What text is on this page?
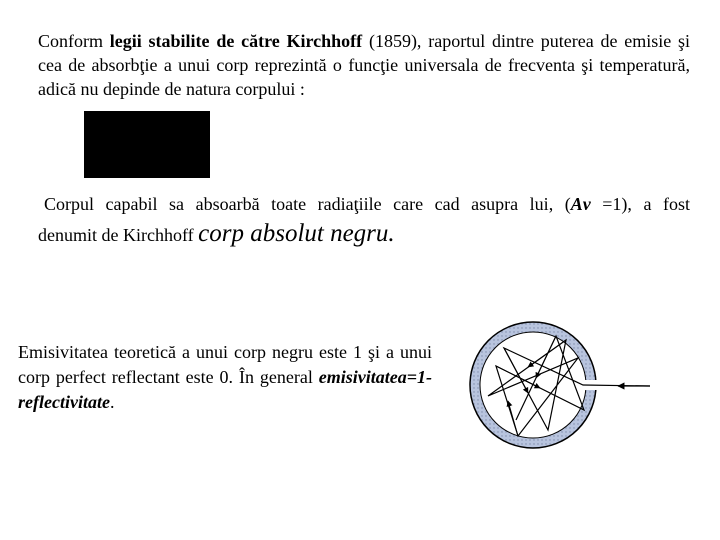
Conform legii stabilite de către Kirchhoff (1859), raportul dintre puterea de emisie şi cea de absorbţie a unui corp reprezintă o funcţie universala de frecventa şi temperatură, adică nu depinde de natura corpului :
Corpul capabil sa absoarbă toate radiaţiile care cad asupra lui, (Aν =1), a fost
denumit de Kirchhoff corp absolut negru.
Emisivitatea teoretică a unui corp negru este 1 şi a unui corp perfect reflectant este 0. În general emisivitatea=1-reflectivitate.
